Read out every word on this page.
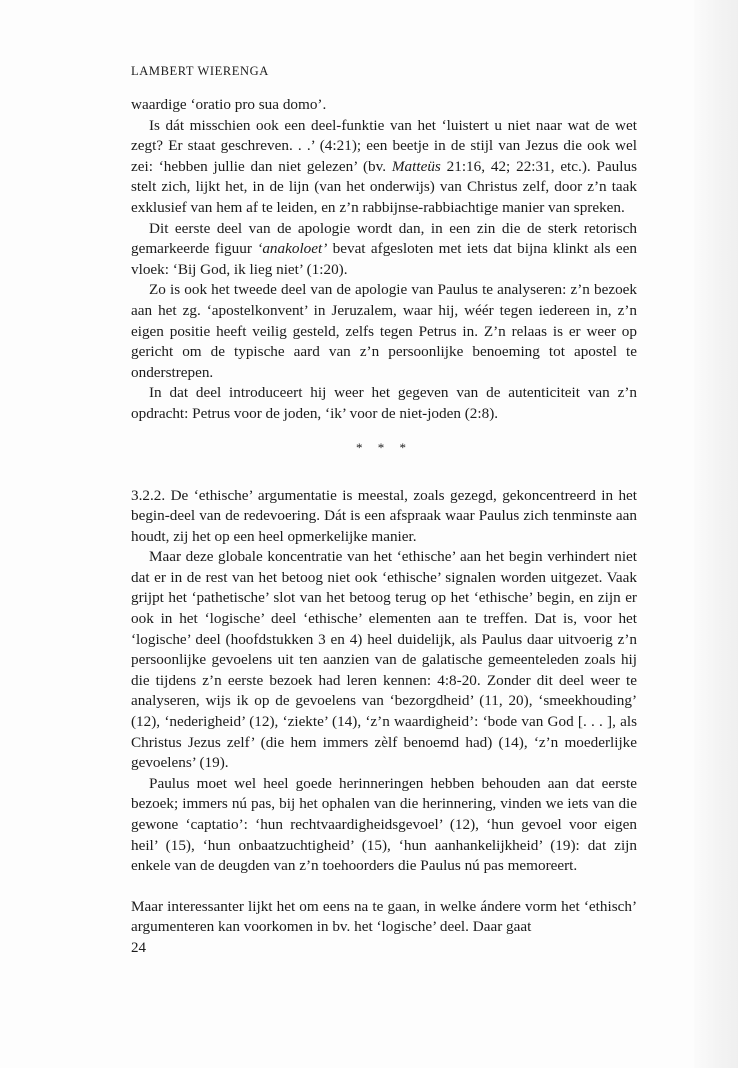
LAMBERT WIERENGA

waardige ‘oratio pro sua domo’.

Is dát misschien ook een deel-funktie van het ‘luistert u niet naar wat de wet zegt? Er staat geschreven. . .’ (4:21); een beetje in de stijl van Jezus die ook wel zei: ‘hebben jullie dan niet gelezen’ (bv. Matteüs 21:16, 42; 22:31, etc.). Paulus stelt zich, lijkt het, in de lijn (van het onderwijs) van Christus zelf, door z’n taak exklusief van hem af te leiden, en z’n rabbijnse-rabbiachtige manier van spreken.

Dit eerste deel van de apologie wordt dan, in een zin die de sterk retorisch gemarkeerde figuur ‘anakoloet’ bevat afgesloten met iets dat bijna klinkt als een vloek: ‘Bij God, ik lieg niet’ (1:20).

Zo is ook het tweede deel van de apologie van Paulus te analyseren: z’n bezoek aan het zg. ‘apostelkonvent’ in Jeruzalem, waar hij, wéér tegen iedereen in, z’n eigen positie heeft veilig gesteld, zelfs tegen Petrus in. Z’n relaas is er weer op gericht om de typische aard van z’n persoonlijke benoeming tot apostel te onderstrepen.

In dat deel introduceert hij weer het gegeven van de autenticiteit van z’n opdracht: Petrus voor de joden, ‘ik’ voor de niet-joden (2:8).

* * *

3.2.2. De ‘ethische’ argumentatie is meestal, zoals gezegd, gekoncentreerd in het begin-deel van de redevoering. Dát is een afspraak waar Paulus zich tenminste aan houdt, zij het op een heel opmerkelijke manier.

Maar deze globale koncentratie van het ‘ethische’ aan het begin verhindert niet dat er in de rest van het betoog niet ook ‘ethische’ signalen worden uitgezet. Vaak grijpt het ‘pathetische’ slot van het betoog terug op het ‘ethische’ begin, en zijn er ook in het ‘logische’ deel ‘ethische’ elementen aan te treffen. Dat is, voor het ‘logische’ deel (hoofdstukken 3 en 4) heel duidelijk, als Paulus daar uitvoerig z’n persoonlijke gevoelens uit ten aanzien van de galatische gemeenteleden zoals hij die tijdens z’n eerste bezoek had leren kennen: 4:8-20. Zonder dit deel weer te analyseren, wijs ik op de gevoelens van ‘bezorgdheid’ (11, 20), ‘smeekhouding’ (12), ‘nederigheid’ (12), ‘ziekte’ (14), ‘z’n waardigheid’: ‘bode van God [. . . ], als Christus Jezus zelf’ (die hem immers zèlf benoemd had) (14), ‘z’n moederlijke gevoelens’ (19).

Paulus moet wel heel goede herinneringen hebben behouden aan dat eerste bezoek; immers nú pas, bij het ophalen van die herinnering, vinden we iets van die gewone ‘captatio’: ‘hun rechtvaardigheidsgevoel’ (12), ‘hun gevoel voor eigen heil’ (15), ‘hun onbaatzuchtigheid’ (15), ‘hun aanhankelijkheid’ (19): dat zijn enkele van de deugden van z’n toehoorders die Paulus nú pas memoreert.

Maar interessanter lijkt het om eens na te gaan, in welke ándere vorm het ‘ethisch’ argumenteren kan voorkomen in bv. het ‘logische’ deel. Daar gaat

24
